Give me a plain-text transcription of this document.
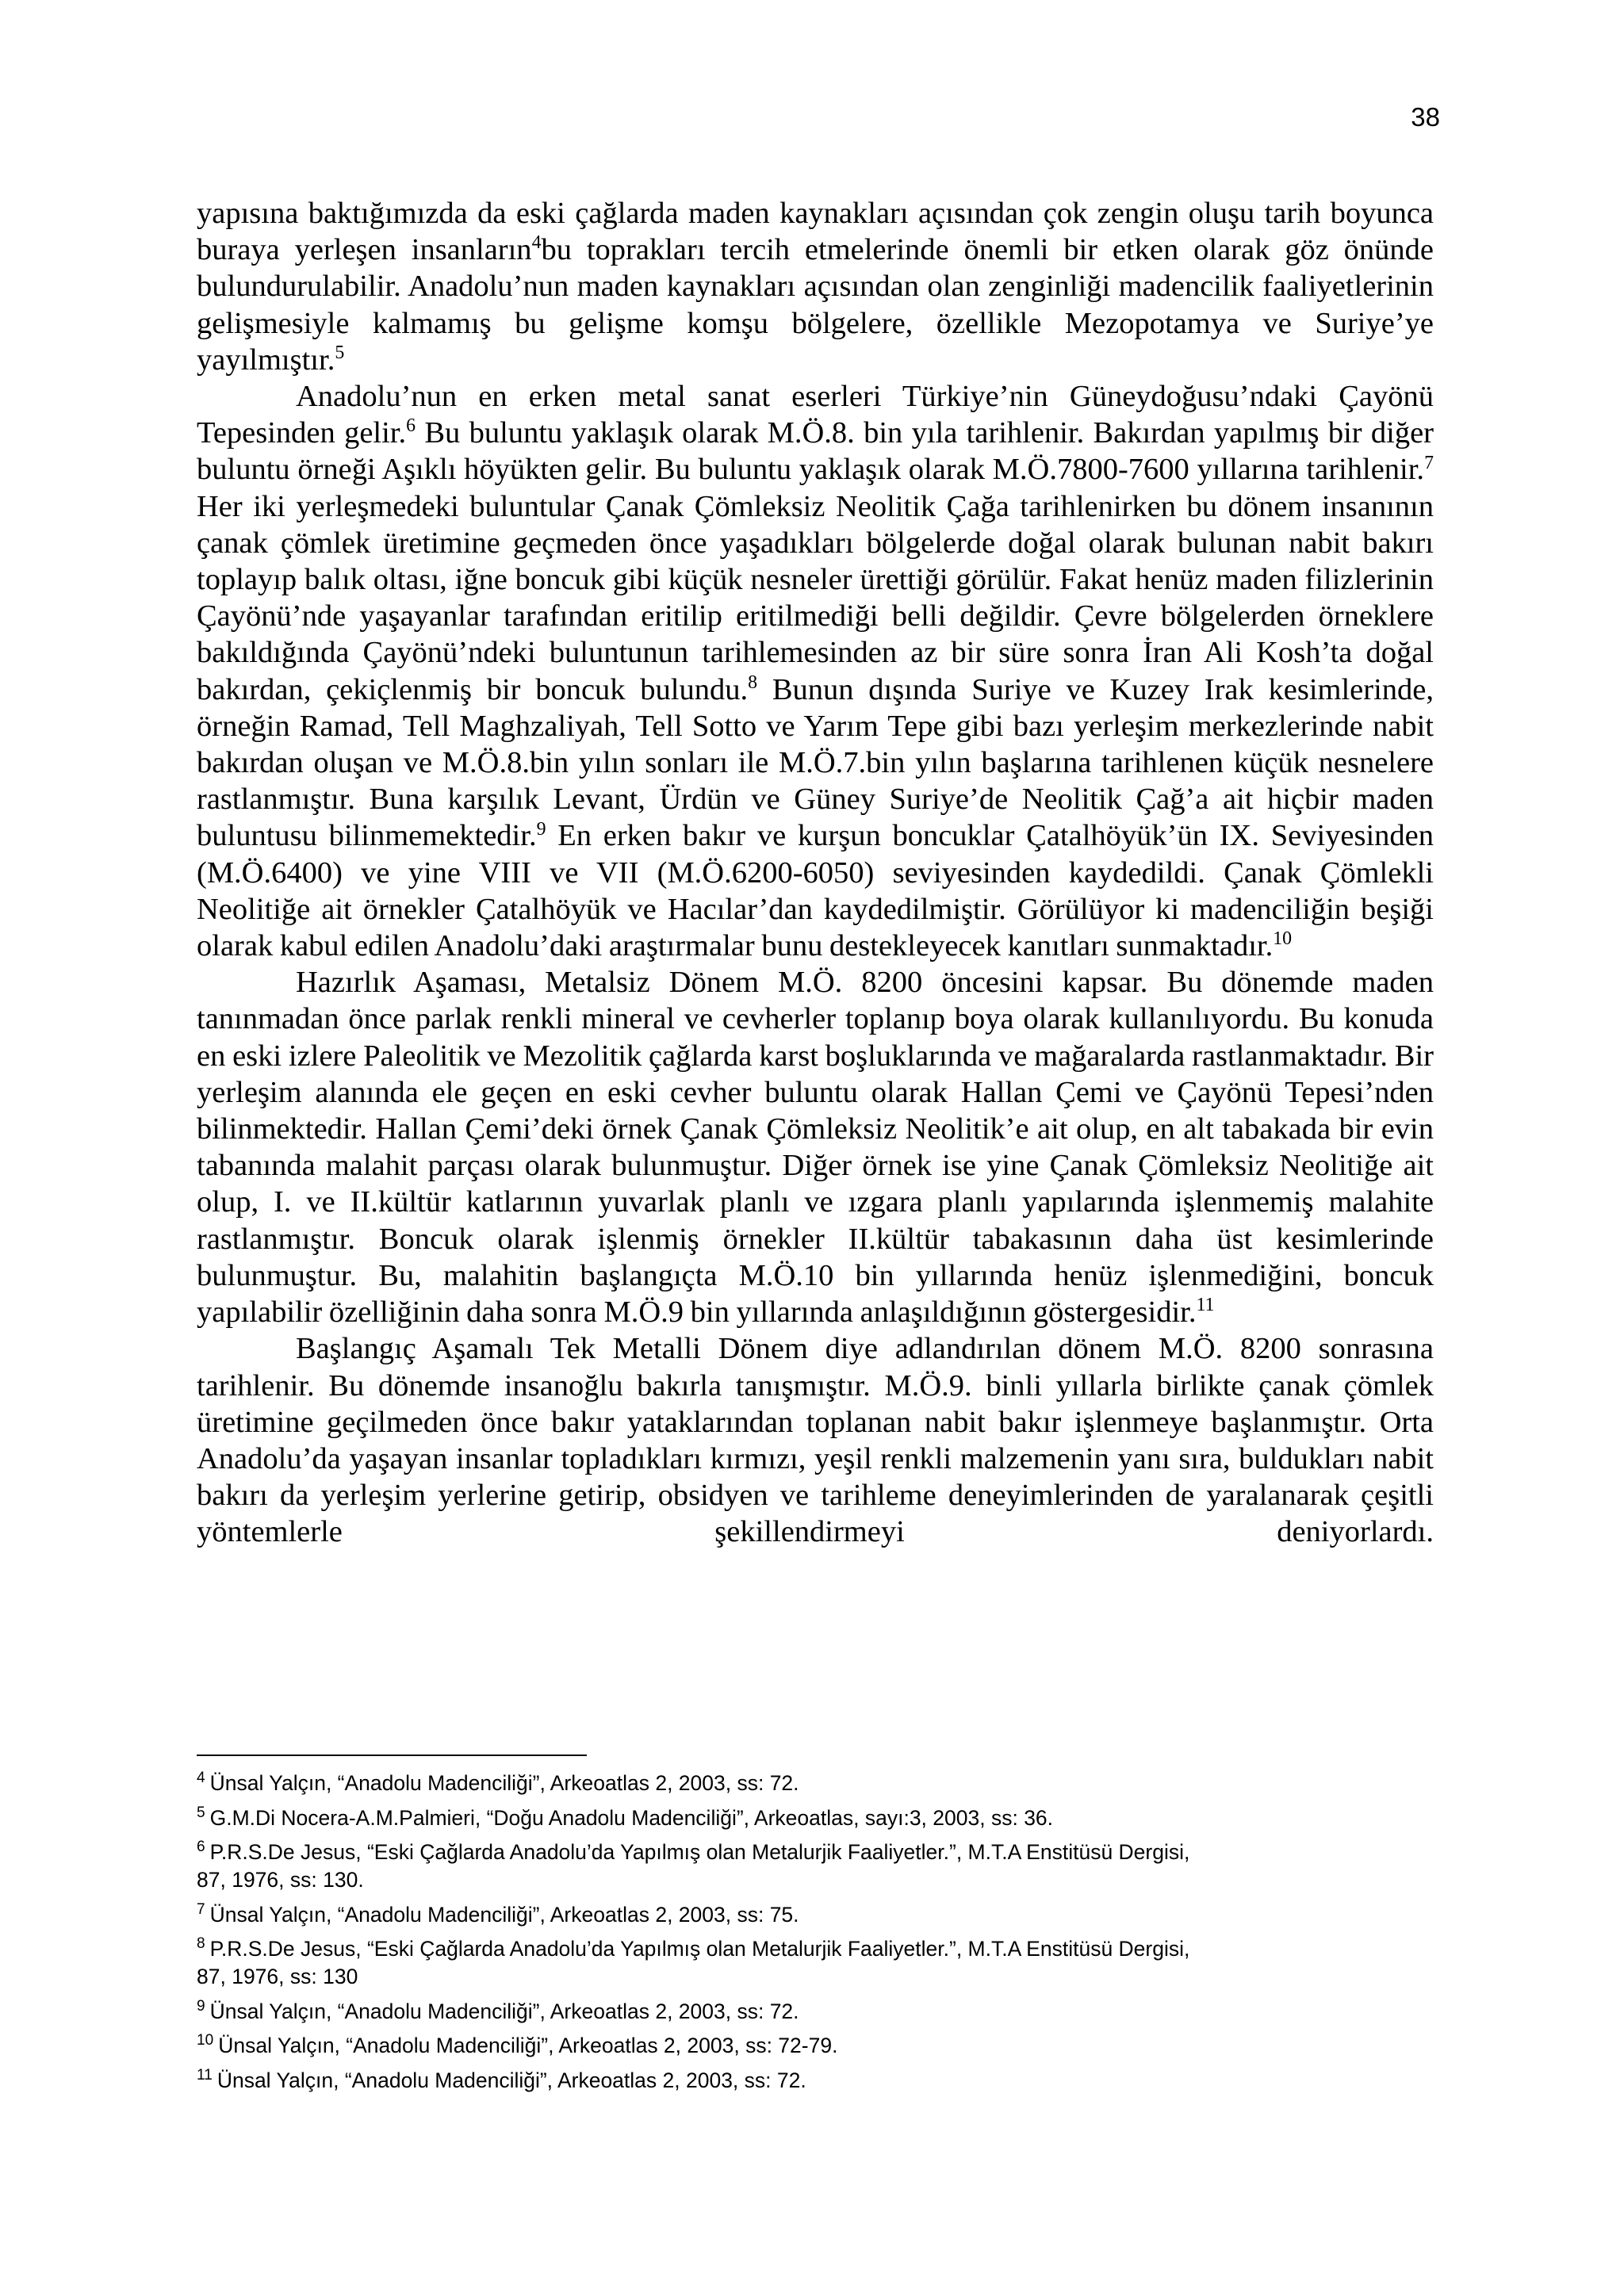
38

yapısına baktığımızda da eski çağlarda maden kaynakları açısından çok zengin oluşu tarih boyunca buraya yerleşen insanların$^4$bu toprakları tercih etmelerinde önemli bir etken olarak göz önünde bulundurulabilir. Anadolu’nun maden kaynakları açısından olan zenginliği madencilik faaliyetlerinin gelişmesiyle kalmamış bu gelişme komşu bölgelere, özellikle Mezopotamya ve Suriye’ye yayılmıştır.$^5$

Anadolu’nun en erken metal sanat eserleri Türkiye’nin Güneydoğusu’ndaki Çayönü Tepesinden gelir.$^6$ Bu buluntu yaklaşık olarak M.Ö.8. bin yıla tarihlenir. Bakırdan yapılmış bir diğer buluntu örneği Aşıklı höyükten gelir. Bu buluntu yaklaşık olarak M.Ö.7800-7600 yıllarına tarihlenir.$^7$ Her iki yerleşmedeki buluntular Çanak Çömleksiz Neolitik Çağa tarihlenirken bu dönem insanının çanak çömlek üretimine geçmeden önce yaşadıkları bölgelerde doğal olarak bulunan nabit bakırı toplayıp balık oltası, iğne boncuk gibi küçük nesneler ürettiği görülür. Fakat henüz maden filizlerinin Çayönü’nde yaşayanlar tarafından eritilip eritilmediği belli değildir. Çevre bölgelerden örneklere bakıldığında Çayönü’ndeki buluntunun tarihlemesinden az bir süre sonra İran Ali Kosh’ta doğal bakırdan, çekiçlenmiş bir boncuk bulundu.$^8$ Bunun dışında Suriye ve Kuzey Irak kesimlerinde, örneğin Ramad, Tell Maghzaliyah, Tell Sotto ve Yarım Tepe gibi bazı yerleşim merkezlerinde nabit bakırdan oluşan ve M.Ö.8.bin yılın sonları ile M.Ö.7.bin yılın başlarına tarihlenen küçük nesnelere rastlanmıştır. Buna karşılık Levant, Ürdün ve Güney Suriye’de Neolitik Çağ’a ait hiçbir maden buluntusu bilinmemektedir.$^9$ En erken bakır ve kurşun boncuklar Çatalhöyük’ün IX. Seviyesinden (M.Ö.6400) ve yine VIII ve VII (M.Ö.6200-6050) seviyesinden kaydedildi. Çanak Çömlekli Neolitiğe ait örnekler Çatalhöyük ve Hacılar’dan kaydedilmiştir. Görülüyor ki madenciliğin beşiği olarak kabul edilen Anadolu’daki araştırmalar bunu destekleyecek kanıtları sunmaktadır.$^{10}$

Hazırlık Aşaması, Metalsiz Dönem M.Ö. 8200 öncesini kapsar. Bu dönemde maden tanınmadan önce parlak renkli mineral ve cevherler toplanıp boya olarak kullanılıyordu. Bu konuda en eski izlere Paleolitik ve Mezolitik çağlarda karst boşluklarında ve mağaralarda rastlanmaktadır. Bir yerleşim alanında ele geçen en eski cevher buluntu olarak Hallan Çemi ve Çayönü Tepesi’nden bilinmektedir. Hallan Çemi’deki örnek Çanak Çömleksiz Neolitik’e ait olup, en alt tabakada bir evin tabanında malahit parçası olarak bulunmuştur. Diğer örnek ise yine Çanak Çömleksiz Neolitiğe ait olup, I. ve II.kültür katlarının yuvarlak planlı ve ızgara planlı yapılarında işlenmemiş malahite rastlanmıştır. Boncuk olarak işlenmiş örnekler II.kültür tabakasının daha üst kesimlerinde bulunmuştur. Bu, malahitin başlangıçta M.Ö.10 bin yıllarında henüz işlenmediğini, boncuk yapılabilir özelliğinin daha sonra M.Ö.9 bin yıllarında anlaşıldığının göstergesidir.$^{11}$

Başlangıç Aşamalı Tek Metalli Dönem diye adlandırılan dönem M.Ö. 8200 sonrasına tarihlenir. Bu dönemde insanoğlu bakırla tanışmıştır. M.Ö.9. binli yıllarla birlikte çanak çömlek üretimine geçilmeden önce bakır yataklarından toplanan nabit bakır işlenmeye başlanmıştır. Orta Anadolu’da yaşayan insanlar topladıkları kırmızı, yeşil renkli malzemenin yanı sıra, buldukları nabit bakırı da yerleşim yerlerine getirip, obsidyen ve tarihleme deneyimlerinden de yaralanarak çeşitli yöntemlerle şekillendirmeyi deniyorlardı.

$^4$ Ünsal Yalçın, “Anadolu Madenciliği”, Arkeoatlas 2, 2003, ss: 72.
$^5$ G.M.Di Nocera-A.M.Palmieri, “Doğu Anadolu Madenciliği”, Arkeoatlas, sayı:3, 2003, ss: 36.
$^6$ P.R.S.De Jesus, “Eski Çağlarda Anadolu’da Yapılmış olan Metalurjik Faaliyetler.”, M.T.A Enstitüsü Dergisi,
87, 1976, ss: 130.
$^7$ Ünsal Yalçın, “Anadolu Madenciliği”, Arkeoatlas 2, 2003, ss: 75.
$^8$ P.R.S.De Jesus, “Eski Çağlarda Anadolu’da Yapılmış olan Metalurjik Faaliyetler.”, M.T.A Enstitüsü Dergisi,
87, 1976, ss: 130
$^9$ Ünsal Yalçın, “Anadolu Madenciliği”, Arkeoatlas 2, 2003, ss: 72.
$^{10}$ Ünsal Yalçın, “Anadolu Madenciliği”, Arkeoatlas 2, 2003, ss: 72-79.
$^{11}$ Ünsal Yalçın, “Anadolu Madenciliği”, Arkeoatlas 2, 2003, ss: 72.
